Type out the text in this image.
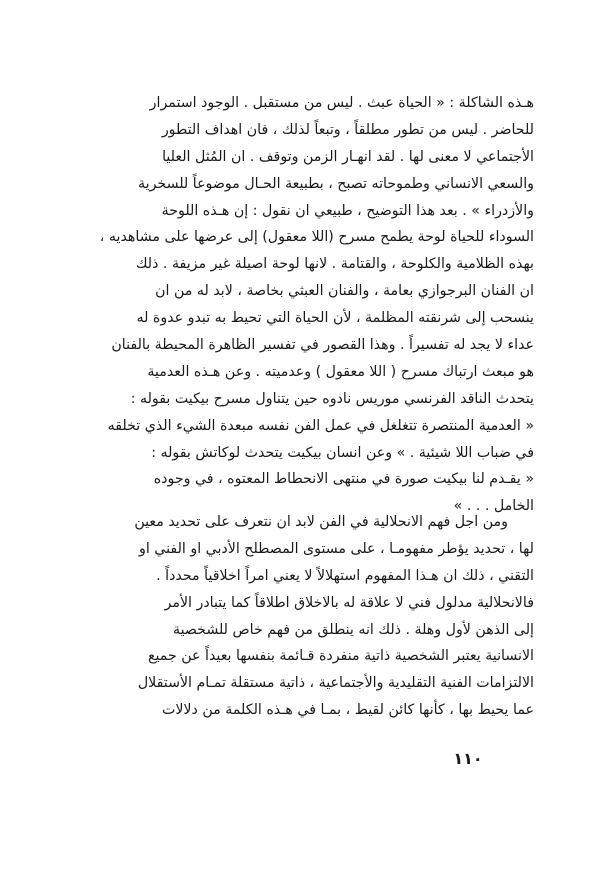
هـذه الشاكلة : « الحياة عبث . ليس من مستقبل . الوجود استمرار
للحاضر . ليس من تطور مطلقاً ، وتبعاً لذلك ، فان اهداف التطور
الأجتماعي لا معنى لها . لقد انهـار الزمن وتوقف . ان المُثل العليا
والسعي الانساني وطموحاته تصبح ، بطبيعة الحـال موضوعاً للسخرية
والأزدراء » . بعد هذا التوضيح ، طبيعي ان نقول : إن هـذه اللوحة
السوداء للحياة لوحة يطمح مسرح (اللا معقول) إلى عرضها على مشاهديه ،
بهذه الظلامية والكلوحة ، والقتامة . لانها لوحة اصيلة غير مزيفة . ذلك
ان الفنان البرجوازي بعامة ، والفنان العبثي بخاصة ، لابد له من ان
ينسحب إلى شرنقته المظلمة ، لأن الحياة التي تحيط به تبدو عدوة له
عداء لا يجد له تفسيراً . وهذا القصور في تفسير الظاهرة المحيطة بالفنان
هو مبعث ارتباك مسرح ( اللا معقول ) وعدميته . وعن هـذه العدمية
يتحدث الناقد الفرنسي موريس نادوه حين يتناول مسرح بيكيت بقوله :
« العدمية المنتصرة تتغلغل في عمل الفن نفسه مبعدة الشيء الذي تخلقه
في ضباب اللا شيئية . » وعن انسان بيكيت يتحدث لوكاتش بقوله :
« يقـدم لنا بيكيت صورة في منتهى الانحطاط المعتوه ، في وجوده
الخامل . . . »
ومن اجل فهم الانحلالية في الفن لابد ان نتعرف على تحديد معين
لها ، تحديد يؤطر مفهومـا ، على مستوى المصطلح الأدبي او الفني او
التقني ، ذلك ان هـذا المفهوم استهلالاً لا يعني امراً اخلاقياً محدداً .
فالانحلالية مدلول فني لا علاقة له بالاخلاق اطلاقاً كما يتبادر الأمر
إلى الذهن لأول وهلة . ذلك انه ينطلق من فهم خاص للشخصية
الانسانية يعتبر الشخصية ذاتية منفردة قـائمة بنفسها بعيداً عن جميع
الالتزامات الفنية التقليدية والأجتماعية ، ذاتية مستقلة تمـام الأستقلال
عما يحيط بها ، كأنها كائن لقيط ، بمـا في هـذه الكلمة من دلالات
١١٠
